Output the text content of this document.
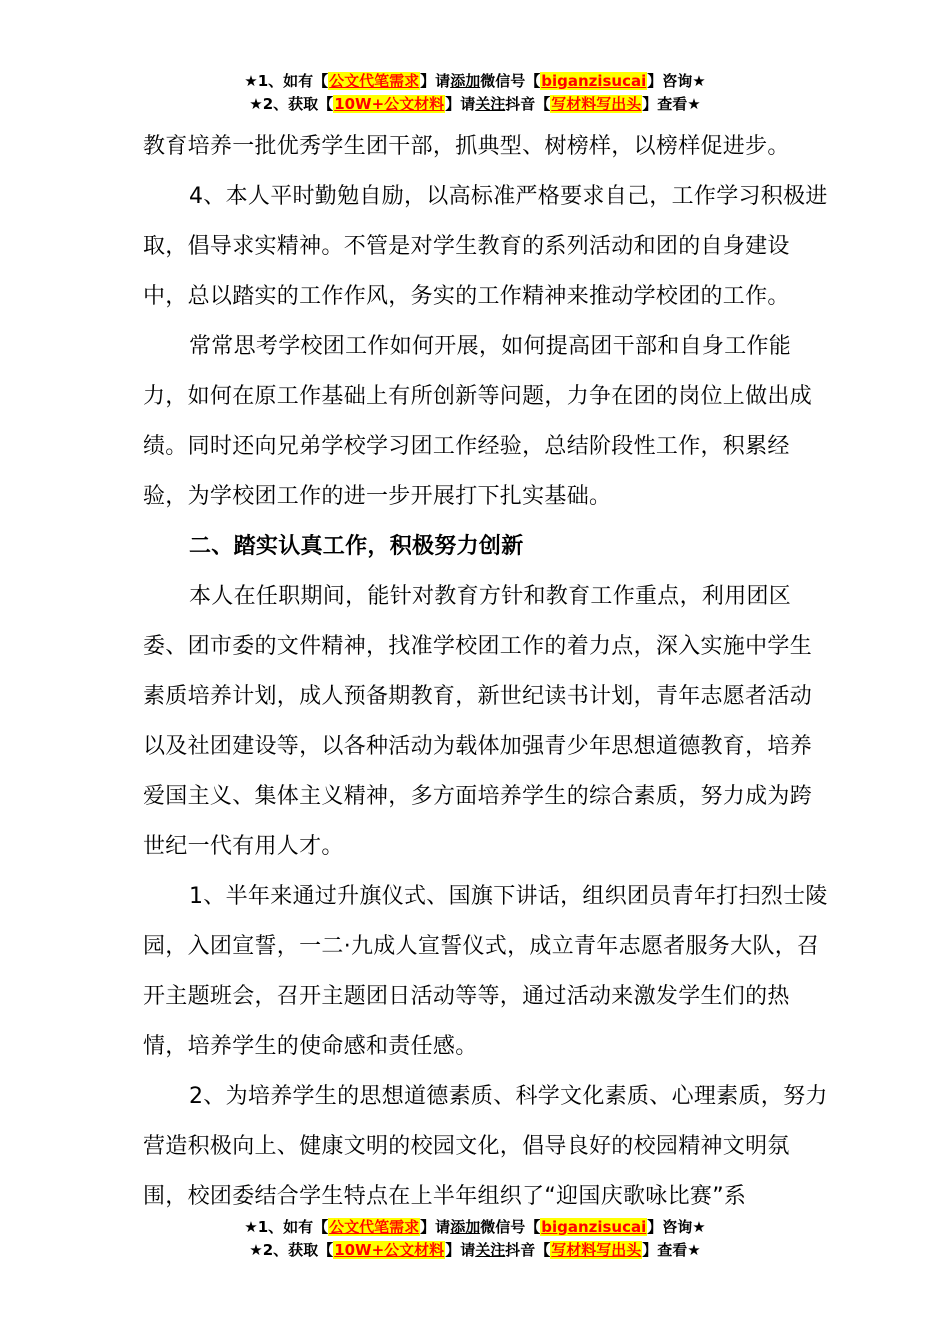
★1、如有【公文代笔需求】请添加微信号【biganzisucai】咨询★
★2、获取【10W+公文材料】请关注抖音【写材料写出头】查看★

教育培养一批优秀学生团干部，抓典型、树榜样，以榜样促进步。

4、本人平时勤勉自励，以高标准严格要求自己，工作学习积极进取，倡导求实精神。不管是对学生教育的系列活动和团的自身建设中，总以踏实的工作作风，务实的工作精神来推动学校团的工作。

常常思考学校团工作如何开展，如何提高团干部和自身工作能力，如何在原工作基础上有所创新等问题，力争在团的岗位上做出成绩。同时还向兄弟学校学习团工作经验，总结阶段性工作，积累经验，为学校团工作的进一步开展打下扎实基础。

二、踏实认真工作，积极努力创新

本人在任职期间，能针对教育方针和教育工作重点，利用团区委、团市委的文件精神，找准学校团工作的着力点，深入实施中学生素质培养计划，成人预备期教育，新世纪读书计划，青年志愿者活动以及社团建设等，以各种活动为载体加强青少年思想道德教育，培养爱国主义、集体主义精神，多方面培养学生的综合素质，努力成为跨世纪一代有用人才。

1、半年来通过升旗仪式、国旗下讲话，组织团员青年打扫烈士陵园，入团宣誓，一二·九成人宣誓仪式，成立青年志愿者服务大队，召开主题班会，召开主题团日活动等等，通过活动来激发学生们的热情，培养学生的使命感和责任感。

2、为培养学生的思想道德素质、科学文化素质、心理素质，努力营造积极向上、健康文明的校园文化，倡导良好的校园精神文明氛围，校团委结合学生特点在上半年组织了“迎国庆歌咏比赛”系

★1、如有【公文代笔需求】请添加微信号【biganzisucai】咨询★
★2、获取【10W+公文材料】请关注抖音【写材料写出头】查看★
